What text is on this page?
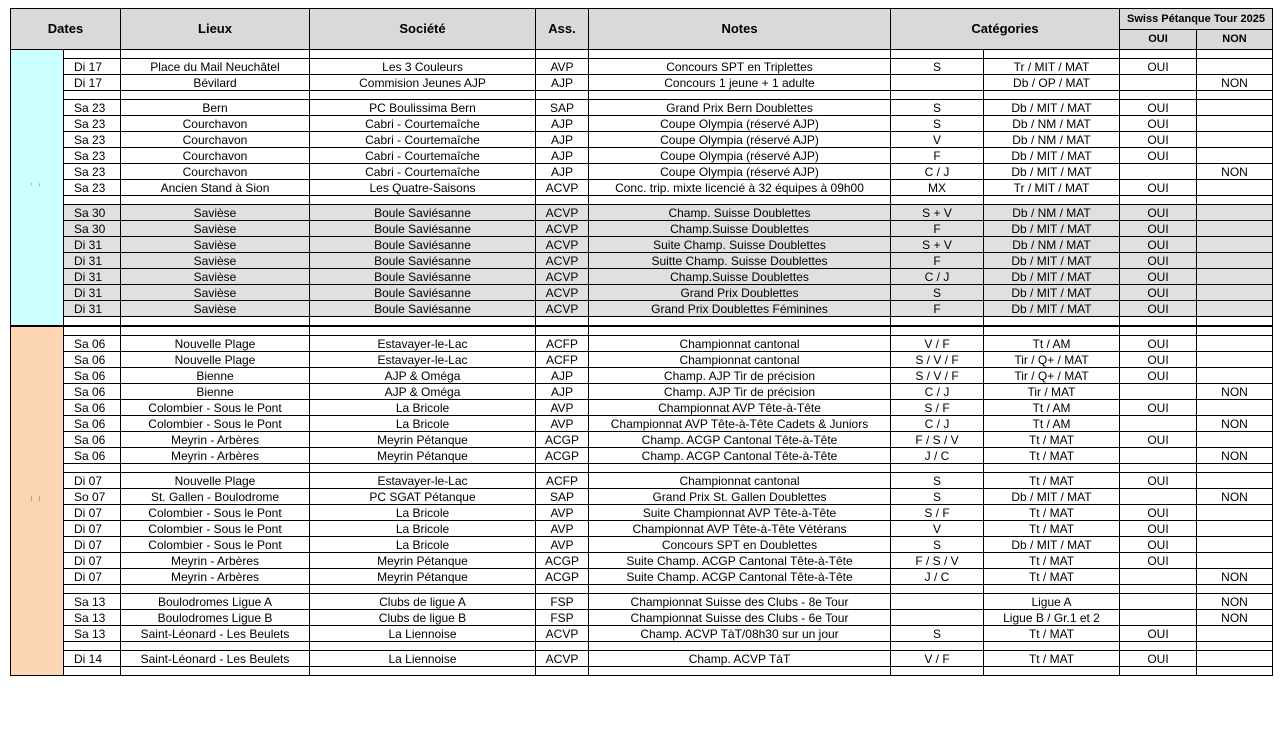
Dates		Lieux	Société	Ass.	Notes	Catégories		Swiss Pétanque Tour 2025	
								OUI	NON
Août
August									
	Di 17	Place du Mail Neuchâtel	Les 3 Couleurs	AVP	Concours SPT en Triplettes	S	Tr / MIT / MAT	OUI	
	Di 17	Bévilard	Commision Jeunes AJP	AJP	Concours 1 jeune + 1 adulte		Db / OP / MAT		NON

	Sa 23	Bern	PC Boulissima Bern	SAP	Grand Prix Bern Doublettes	S	Db / MIT / MAT	OUI	
	Sa 23	Courchavon	Cabri - Courtemaîche	AJP	Coupe Olympia (réservé AJP)	S	Db / NM / MAT	OUI	
	Sa 23	Courchavon	Cabri - Courtemaîche	AJP	Coupe Olympia (réservé AJP)	V	Db / NM / MAT	OUI	
	Sa 23	Courchavon	Cabri - Courtemaîche	AJP	Coupe Olympia (réservé AJP)	F	Db / MIT / MAT	OUI	
	Sa 23	Courchavon	Cabri - Courtemaîche	AJP	Coupe Olympia (réservé AJP)	C / J	Db / MIT / MAT		NON
	Sa 23	Ancien Stand à Sion	Les Quatre-Saisons	ACVP	Conc. trip. mixte licencié à 32 équipes à 09h00	MX	Tr / MIT / MAT	OUI	

	Sa 30	Savièse	Boule Saviésanne	ACVP	Champ. Suisse Doublettes	S + V	Db / NM / MAT	OUI	
	Sa 30	Savièse	Boule Saviésanne	ACVP	Champ.Suisse Doublettes	F	Db / MIT / MAT	OUI	
	Di 31	Savièse	Boule Saviésanne	ACVP	Suite Champ. Suisse Doublettes	S + V	Db / NM / MAT	OUI	
	Di 31	Savièse	Boule Saviésanne	ACVP	Suitte Champ. Suisse Doublettes	F	Db / MIT / MAT	OUI	
	Di 31	Savièse	Boule Saviésanne	ACVP	Champ.Suisse Doublettes	C / J	Db / MIT / MAT	OUI	
	Di 31	Savièse	Boule Saviésanne	ACVP	Grand Prix Doublettes	S	Db / MIT / MAT	OUI	
	Di 31	Savièse	Boule Saviésanne	ACVP	Grand Prix Doublettes Féminines	F	Db / MIT / MAT	OUI	

Septembre
September									
	Sa 06	Nouvelle Plage	Estavayer-le-Lac	ACFP	Championnat cantonal	V / F	Tt / AM	OUI	
	Sa 06	Nouvelle Plage	Estavayer-le-Lac	ACFP	Championnat cantonal	S / V / F	Tir / Q+ / MAT	OUI	
	Sa 06	Bienne	AJP & Oméga	AJP	Champ. AJP Tir de précision	S / V / F	Tir / Q+ / MAT	OUI	
	Sa 06	Bienne	AJP & Oméga	AJP	Champ. AJP Tir de précision	C / J	Tir / MAT		NON
	Sa 06	Colombier - Sous le Pont	La Bricole	AVP	Championnat AVP Tête-à-Tête	S / F	Tt / AM	OUI	
	Sa 06	Colombier - Sous le Pont	La Bricole	AVP	Championnat AVP Tête-à-Tête Cadets & Juniors	C / J	Tt / AM		NON
	Sa 06	Meyrin - Arbères	Meyrin Pétanque	ACGP	Champ. ACGP Cantonal Tête-à-Tête	F / S / V	Tt / MAT	OUI	
	Sa 06	Meyrin - Arbères	Meyrin Pétanque	ACGP	Champ. ACGP Cantonal Tête-à-Tête	J / C	Tt / MAT		NON

	Di 07	Nouvelle Plage	Estavayer-le-Lac	ACFP	Championnat cantonal	S	Tt / MAT	OUI	
	So 07	St. Gallen - Boulodrome	PC SGAT Pétanque	SAP	Grand Prix St. Gallen Doublettes	S	Db / MIT / MAT		NON
	Di 07	Colombier - Sous le Pont	La Bricole	AVP	Suite Championnat AVP Tête-à-Tête	S / F	Tt / MAT	OUI	
	Di 07	Colombier - Sous le Pont	La Bricole	AVP	Championnat AVP Tête-à-Tête Vétérans	V	Tt / MAT	OUI	
	Di 07	Colombier - Sous le Pont	La Bricole	AVP	Concours SPT en Doublettes	S	Db / MIT / MAT	OUI	
	Di 07	Meyrin - Arbères	Meyrin Pétanque	ACGP	Suite Champ. ACGP Cantonal Tête-à-Tête	F / S / V	Tt / MAT	OUI	
	Di 07	Meyrin - Arbères	Meyrin Pétanque	ACGP	Suite Champ. ACGP Cantonal Tête-à-Tête	J / C	Tt / MAT		NON

	Sa 13	Boulodromes Ligue A	Clubs de ligue A	FSP	Championnat Suisse des Clubs - 8e Tour		Ligue A		NON
	Sa 13	Boulodromes Ligue B	Clubs de ligue B	FSP	Championnat Suisse des Clubs - 6e Tour		Ligue B / Gr.1 et 2		NON
	Sa 13	Saint-Léonard - Les Beulets	La Liennoise	ACVP	Champ. ACVP TàT/08h30 sur un jour	S	Tt / MAT	OUI	

	Di 14	Saint-Léonard - Les Beulets	La Liennoise	ACVP	Champ. ACVP TàT	V / F	Tt / MAT	OUI	
